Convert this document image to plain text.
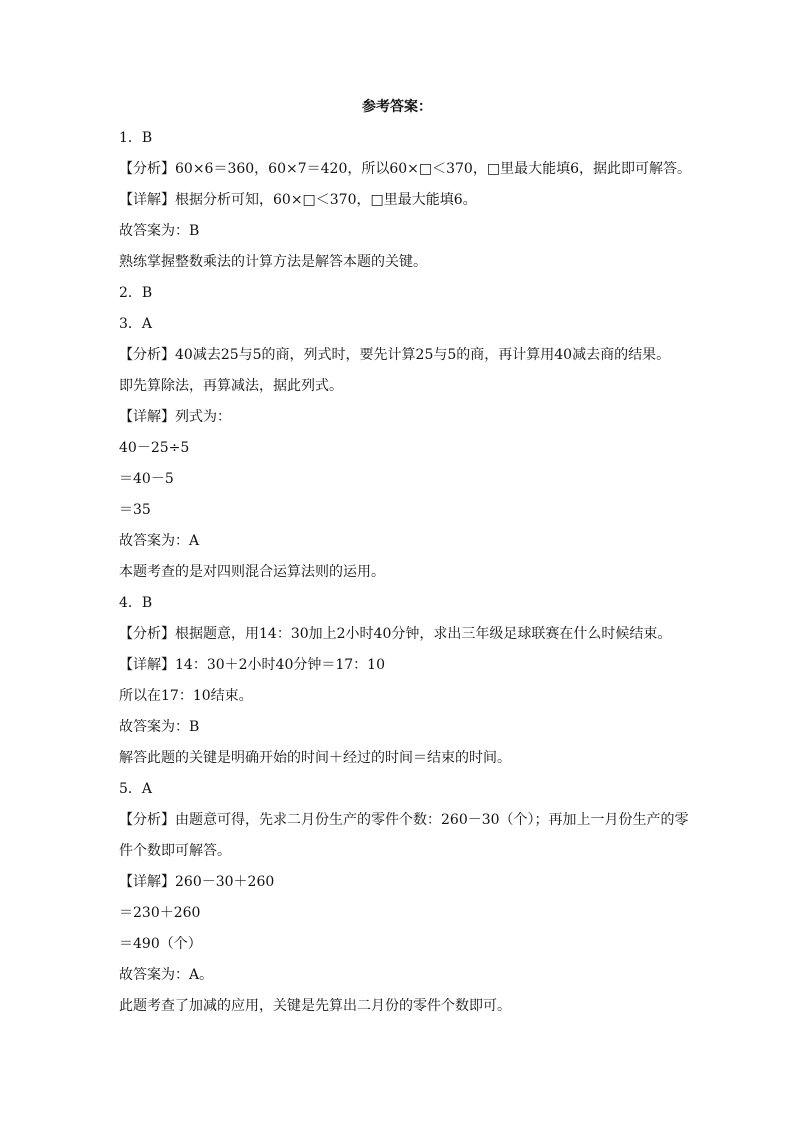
参考答案：
1．B
【分析】60×6＝360，60×7＝420，所以60×□＜370，□里最大能填6，据此即可解答。
【详解】根据分析可知，60×□＜370，□里最大能填6。
故答案为：B
熟练掌握整数乘法的计算方法是解答本题的关键。
2．B
3．A
【分析】40减去25与5的商，列式时，要先计算25与5的商，再计算用40减去商的结果。
即先算除法，再算减法，据此列式。
【详解】列式为：
40－25÷5
＝40－5
＝35
故答案为：A
本题考查的是对四则混合运算法则的运用。
4．B
【分析】根据题意，用14：30加上2小时40分钟，求出三年级足球联赛在什么时候结束。
【详解】14：30＋2小时40分钟＝17：10
所以在17：10结束。
故答案为：B
解答此题的关键是明确开始的时间＋经过的时间＝结束的时间。
5．A
【分析】由题意可得，先求二月份生产的零件个数：260－30（个）；再加上一月份生产的零
件个数即可解答。
【详解】260－30＋260
＝230＋260
＝490（个）
故答案为：A。
此题考查了加减的应用，关键是先算出二月份的零件个数即可。
